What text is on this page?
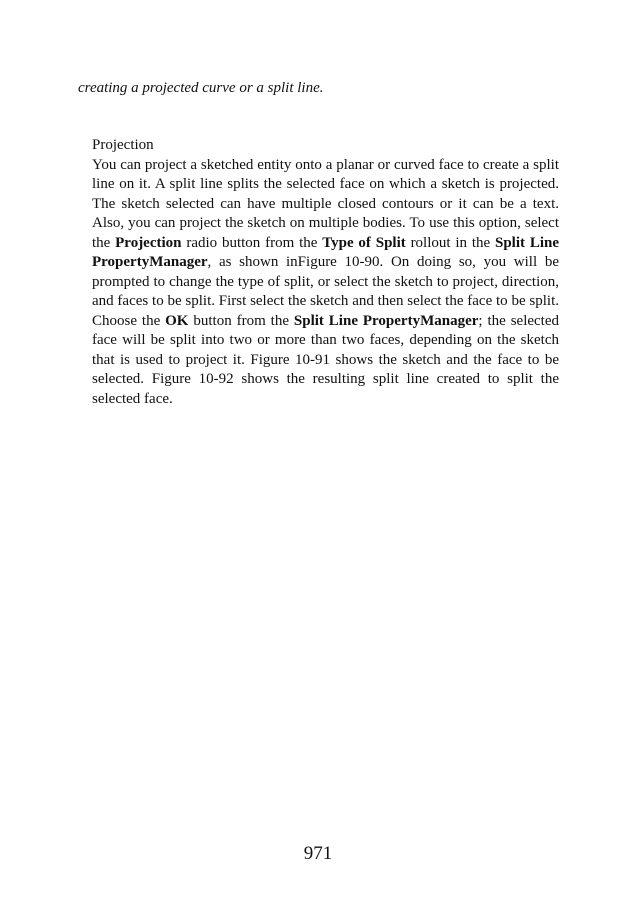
creating a projected curve or a split line.

Projection

You can project a sketched entity onto a planar or curved face to create a split line on it. A split line splits the selected face on which a sketch is projected. The sketch selected can have multiple closed contours or it can be a text. Also, you can project the sketch on multiple bodies. To use this option, select the Projection radio button from the Type of Split rollout in the Split Line PropertyManager, as shown inFigure 10-90. On doing so, you will be prompted to change the type of split, or select the sketch to project, direction, and faces to be split. First select the sketch and then select the face to be split. Choose the OK button from the Split Line PropertyManager; the selected face will be split into two or more than two faces, depending on the sketch that is used to project it. Figure 10-91 shows the sketch and the face to be selected. Figure 10-92 shows the resulting split line created to split the selected face.

971
